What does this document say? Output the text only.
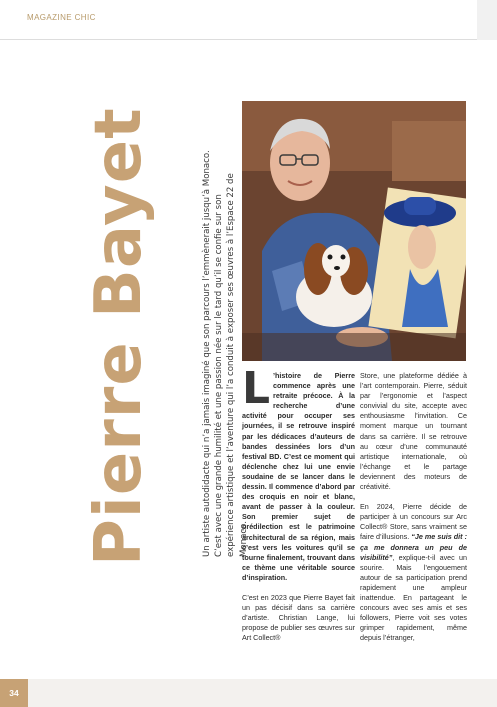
MAGAZINE CHIC
Pierre Bayet	Un artiste autodidacte qui n’a jamais imaginé que son parcours l’emmènerait jusqu’à Monaco. C’est avec une grande humilité et une passion née sur le tard qu’il se confie sur son expérience artistique et l’aventure qui l’a conduit à exposer ses œuvres à l’Espace 22 de Monaco.

L ’histoire de Pierre commence après une retraite précoce. À la recherche d’une activité pour occuper ses journées, il se retrouve inspiré par les dédicaces d’auteurs de bandes dessinées lors d’un festival BD. C’est ce moment qui déclenche chez lui une envie soudaine de se lancer dans le dessin. Il commence d’abord par des croquis en noir et blanc, avant de passer à la couleur. Son premier sujet de prédilection est le patrimoine architectural de sa région, mais c’est vers les voitures qu’il se tourne finalement, trouvant dans ce thème une véritable source d’inspiration.

C’est en 2023 que Pierre Bayet fait un pas décisif dans sa carrière d’artiste. Christian Lange, lui propose de publier ses œuvres sur Art Collect®

Store, une plateforme dédiée à l’art contemporain. Pierre, séduit par l’ergonomie et l’aspect convivial du site, accepte avec enthousiasme l’invitation. Ce moment marque un tournant dans sa carrière. Il se retrouve au cœur d’une communauté artistique internationale, où l’échange et le partage deviennent des moteurs de créativité.

En 2024, Pierre décide de participer à un concours sur Arc Collect® Store, sans vraiment se faire d’illusions. “Je me suis dit : ça me donnera un peu de visibilité”, explique-t-il avec un sourire. Mais l’engouement autour de sa participation prend rapidement une ampleur inattendue. En partageant le concours avec ses amis et ses followers, Pierre voit ses votes grimper rapidement, même depuis l’étranger,

34
